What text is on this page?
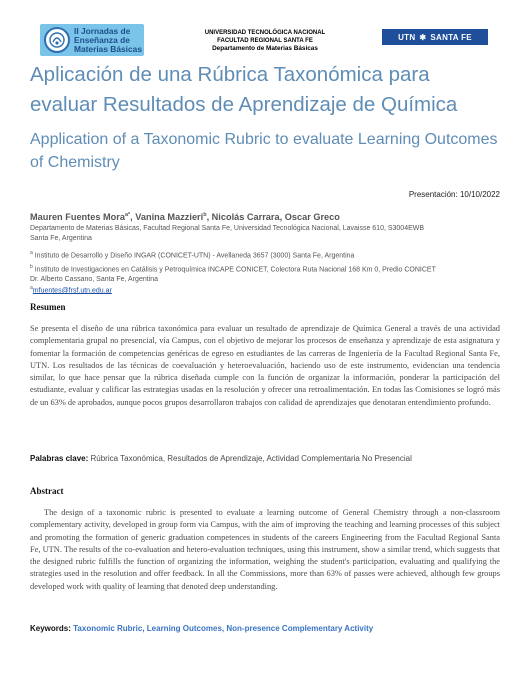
II Jornadas de
Enseñanza de
Materias Básicas
UNIVERSIDAD TECNOLÓGICA NACIONAL
FACULTAD REGIONAL SANTA FE
Departamento de Materias Básicas
UTN ✱ SANTA FE
Aplicación de una Rúbrica Taxonómica para evaluar Resultados de Aprendizaje de Química
Application of a Taxonomic Rubric to evaluate Learning Outcomes of Chemistry
Presentación: 10/10/2022
Mauren Fuentes Mora$^{a*}$, Vanina Mazzieri$^b$, Nicolás Carrara, Oscar Greco
Departamento de Materias Básicas, Facultad Regional Santa Fe, Universidad Tecnológica Nacional, Lavaisse 610, S3004EWB
Santa Fe, Argentina
$^a$ Instituto de Desarrollo y Diseño INGAR (CONICET-UTN) - Avellaneda 3657 (3000) Santa Fe, Argentina
$^b$ Instituto de Investigaciones en Catálisis y Petroquímica INCAPE CONICET, Colectora Ruta Nacional 168 Km 0, Predio CONICET
Dr. Alberto Cassano, Santa Fe, Argentina
$^a$mfuentes@frsf.utn.edu.ar
Resumen

Se presenta el diseño de una rúbrica taxonómica para evaluar un resultado de aprendizaje de Química General a través de una actividad complementaria grupal no presencial, vía Campus, con el objetivo de mejorar los procesos de enseñanza y aprendizaje de esta asignatura y fomentar la formación de competencias genéricas de egreso en estudiantes de las carreras de Ingeniería de la Facultad Regional Santa Fe, UTN. Los resultados de las técnicas de coevaluación y heteroevaluación, haciendo uso de este instrumento, evidencian una tendencia similar, lo que hace pensar que la rúbrica diseñada cumple con la función de organizar la información, ponderar la participación del estudiante, evaluar y calificar las estrategias usadas en la resolución y ofrecer una retroalimentación. En todas las Comisiones se logró más de un 63% de aprobados, aunque pocos grupos desarrollaron trabajos con calidad de aprendizajes que denotaran entendimiento profundo.

Palabras clave: Rúbrica Taxonómica, Resultados de Aprendizaje, Actividad Complementaria No Presencial
Abstract

The design of a taxonomic rubric is presented to evaluate a learning outcome of General Chemistry through a non-classroom complementary activity, developed in group form via Campus, with the aim of improving the teaching and learning processes of this subject and promoting the formation of generic graduation competences in students of the careers Engineering from the Facultad Regional Santa Fe, UTN. The results of the co-evaluation and hetero-evaluation techniques, using this instrument, show a similar trend, which suggests that the designed rubric fulfills the function of organizing the information, weighing the student's participation, evaluating and qualifying the strategies used in the resolution and offer feedback. In all the Commissions, more than 63% of passes were achieved, although few groups developed work with quality of learning that denoted deep understanding.

Keywords: Taxonomic Rubric, Learning Outcomes, Non-presence Complementary Activity
